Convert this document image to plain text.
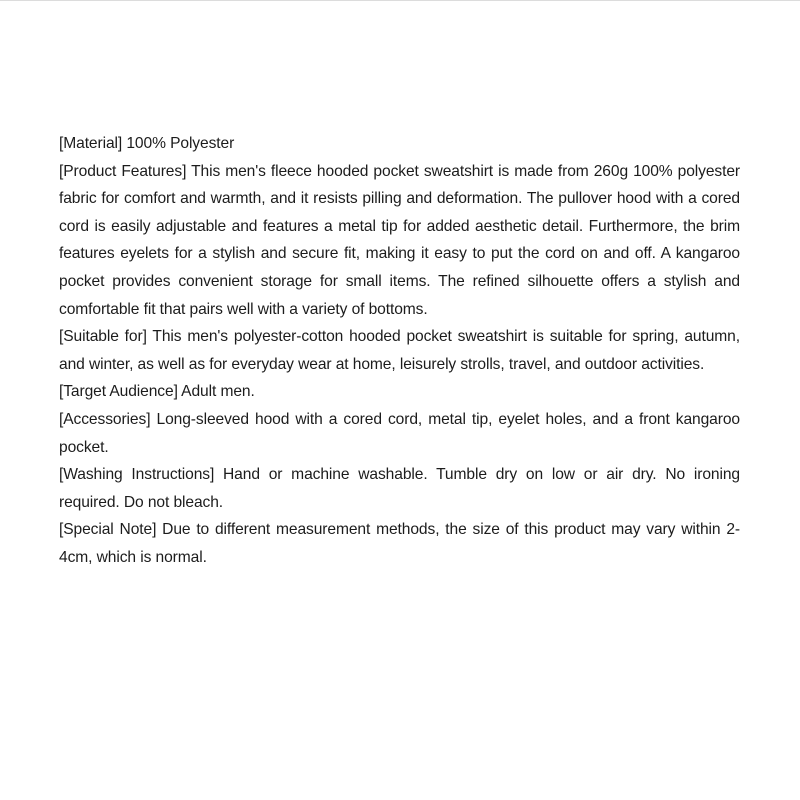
[Material] 100% Polyester

[Product Features] This men's fleece hooded pocket sweatshirt is made from 260g 100% polyester fabric for comfort and warmth, and it resists pilling and deformation. The pullover hood with a cored cord is easily adjustable and features a metal tip for added aesthetic detail. Furthermore, the brim features eyelets for a stylish and secure fit, making it easy to put the cord on and off. A kangaroo pocket provides convenient storage for small items. The refined silhouette offers a stylish and comfortable fit that pairs well with a variety of bottoms.

[Suitable for] This men's polyester-cotton hooded pocket sweatshirt is suitable for spring, autumn, and winter, as well as for everyday wear at home, leisurely strolls, travel, and outdoor activities.

[Target Audience] Adult men.

[Accessories] Long-sleeved hood with a cored cord, metal tip, eyelet holes, and a front kangaroo pocket.

[Washing Instructions] Hand or machine washable. Tumble dry on low or air dry. No ironing required. Do not bleach.

[Special Note] Due to different measurement methods, the size of this product may vary within 2-4cm, which is normal.
